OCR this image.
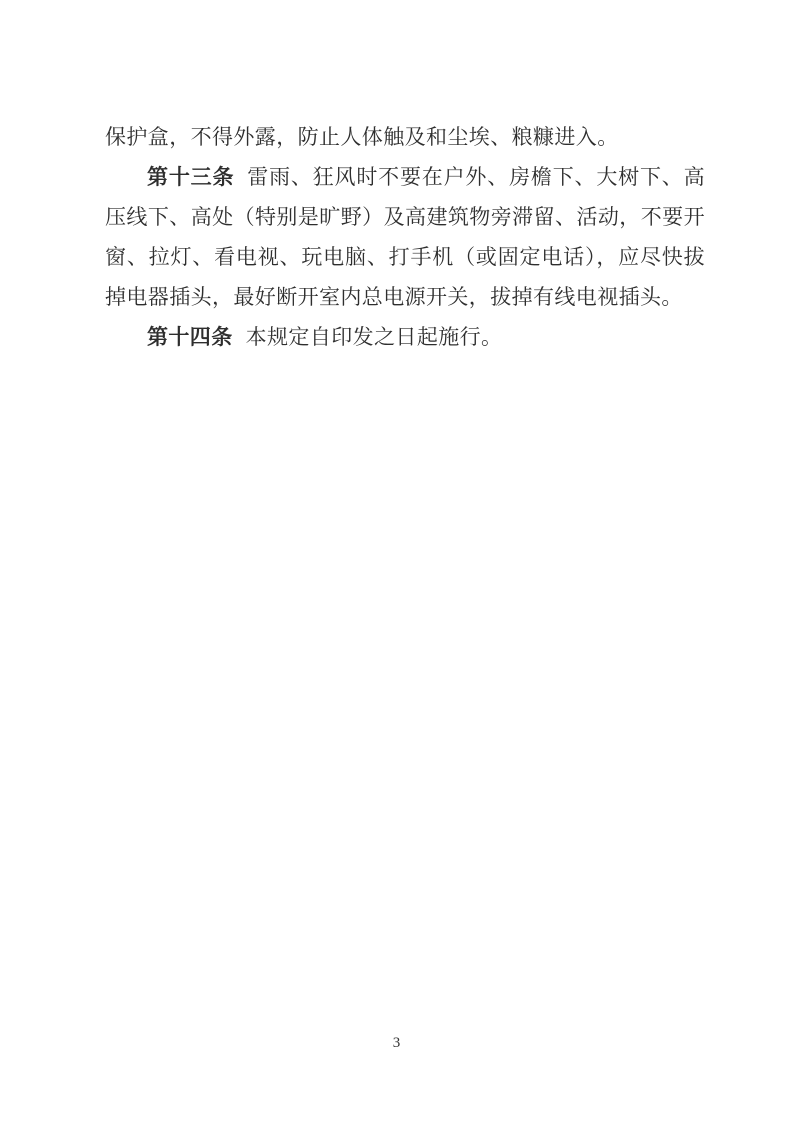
保护盒，不得外露，防止人体触及和尘埃、粮糠进入。

第十三条 雷雨、狂风时不要在户外、房檐下、大树下、高压线下、高处（特别是旷野）及高建筑物旁滞留、活动，不要开窗、拉灯、看电视、玩电脑、打手机（或固定电话），应尽快拔掉电器插头，最好断开室内总电源开关，拔掉有线电视插头。

第十四条 本规定自印发之日起施行。

3
